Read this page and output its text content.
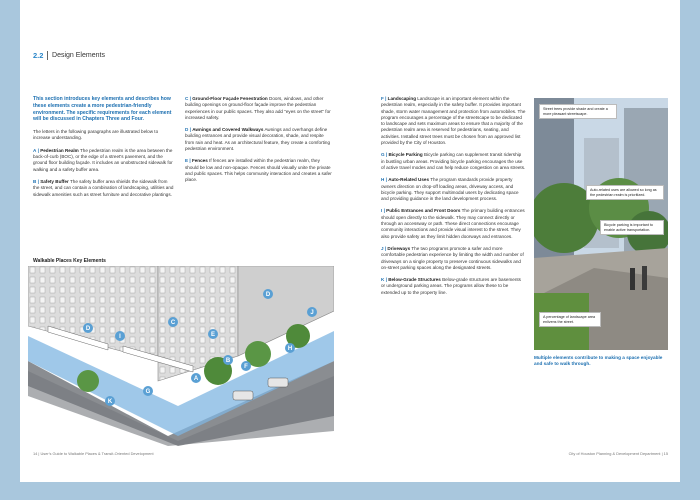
2.2 Design Elements

This section introduces key elements and describes how these elements create a more pedestrian-friendly environment. The specific requirements for each element will be discussed in Chapters Three and Four.

The letters in the following paragraphs are illustrated below to increase understanding.

A | Pedestrian Realm The pedestrian realm is the area between the back-of-curb (BOC), or the edge of a street's pavement, and the ground floor building façade. It includes an unobstructed sidewalk for walking and a safety buffer area.

B | Safety Buffer The safety buffer area shields the sidewalk from the street, and can contain a combination of landscaping, utilities and sidewalk amenities such as street furniture and decorative plantings.

C | Ground-Floor Façade Fenestration Doors, windows, and other building openings on ground-floor façade improve the pedestrian experiences in our public spaces. They also add "eyes on the street" for increased safety.

D | Awnings and Covered Walkways Awnings and overhangs define building entrances and provide visual decoration, shade, and respite from rain and heat. As an architectural feature, they create a comforting pedestrian environment.

E | Fences If fences are installed within the pedestrian realm, they should be low and non-opaque. Fences should visually unite the private and public spaces. This helps community interaction and creates a safer place.

F | Landscaping Landscape is an important element within the pedestrian realm, especially in the safety buffer. It provides important shade, storm water management and protection from automobiles. The program encourages a percentage of the streetscape to be dedicated to landscape and sets maximum areas to ensure that a majority of the pedestrian realm area is reserved for pedestrians, seating, and activities. Installed street trees must be chosen from an approved list provided by the City of Houston.

G | Bicycle Parking Bicycle parking can supplement transit ridership in bustling urban areas. Providing bicycle parking encourages the use of active travel modes and can help reduce congestion on area streets.

H | Auto-Related Uses The program standards provide property owners direction on drop-off loading areas, driveway access, and bicycle parking. They support multimodal users by dedicating space and providing guidance in the land development process.

I | Public Entrances and Front Doors The primary building entrances should open directly to the sidewalk. They may connect directly or through an accessway or path. These direct connections encourage community interactions and provide visual interest to the street. They also provide safety as they limit hidden doorways and entrances.

J | Driveways The two programs promote a safer and more comfortable pedestrian experience by limiting the width and number of driveways on a single property to preserve continuous sidewalks and on-street parking spaces along the designated streets.

K | Below-Grade Structures Below-grade structures are basements or underground parking areas. The programs allow these to be extended up to the property line.

Walkable Places Key Elements
A
B
C
D
D
E
F
G
H
I
J
K
Street trees provide shade and create a more pleasant streetscape.
Auto-related uses are allowed so long as the pedestrian realm is prioritized.
Bicycle parking is important to enable active transportation.
A percentage of landscape area enlivens the street.
Multiple elements contribute to making a space enjoyable and safe to walk through.
14 | User's Guide to Walkable Places & Transit-Oriented Development	City of Houston Planning & Development Department | 15
